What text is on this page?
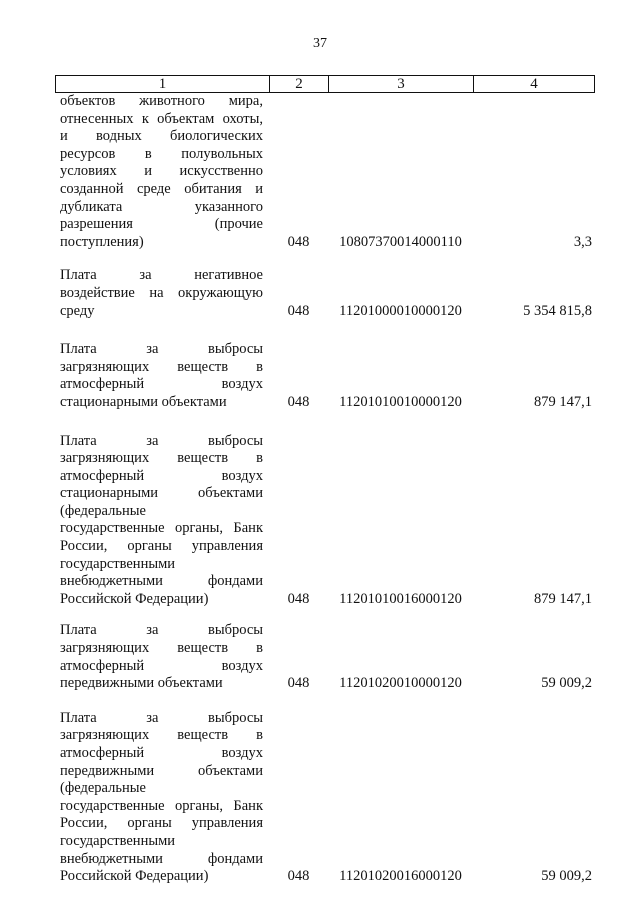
37
1	2	3	4
объектов животного мира,
отнесенных к объектам охоты,
и водных биологических
ресурсов в полувольных
условиях и искусственно
созданной среде обитания и
дубликата указанного
разрешения (прочие
поступления)	048	10807370014000110	3,3
Плата за негативное
воздействие на окружающую
среду	048	11201000010000120	5 354 815,8
Плата за выбросы
загрязняющих веществ в
атмосферный воздух
стационарными объектами	048	11201010010000120	879 147,1
Плата за выбросы
загрязняющих веществ в
атмосферный воздух
стационарными объектами
(федеральные
государственные органы, Банк
России, органы управления
государственными
внебюджетными фондами
Российской Федерации)	048	11201010016000120	879 147,1
Плата за выбросы
загрязняющих веществ в
атмосферный воздух
передвижными объектами	048	11201020010000120	59 009,2
Плата за выбросы
загрязняющих веществ в
атмосферный воздух
передвижными объектами
(федеральные
государственные органы, Банк
России, органы управления
государственными
внебюджетными фондами
Российской Федерации)	048	11201020016000120	59 009,2
